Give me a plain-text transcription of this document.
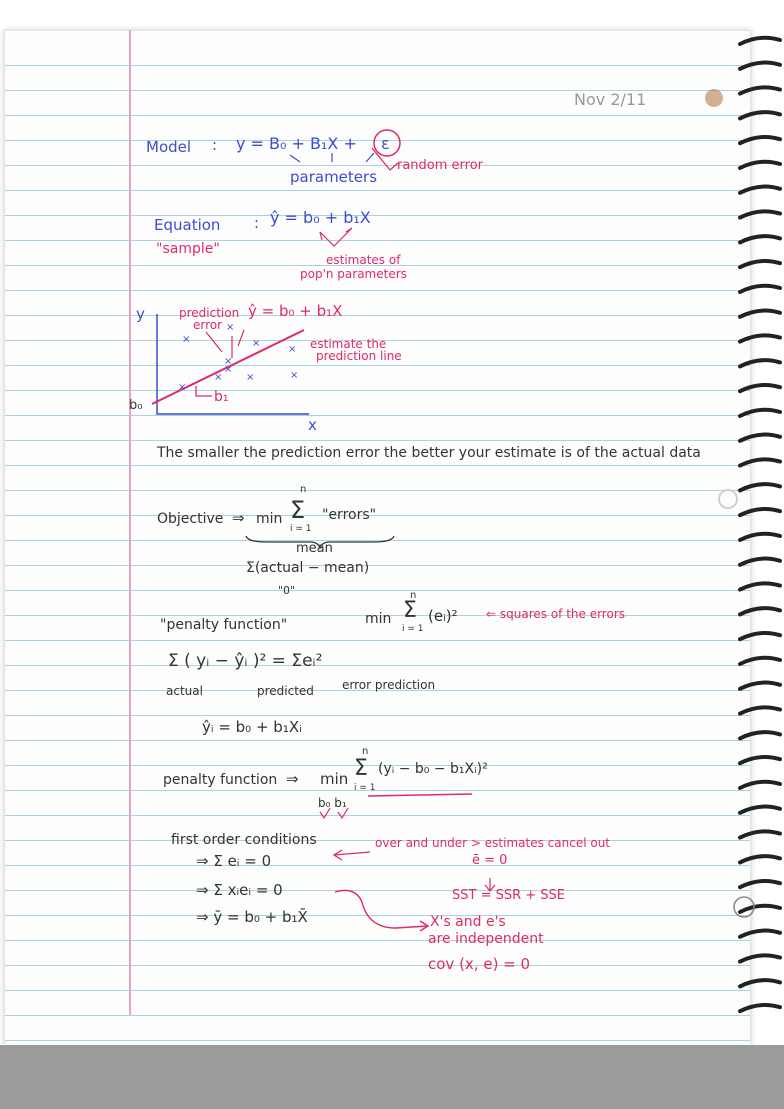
Nov 2/11
Model : y = B₀ + B₁X + ε
parameters
random error
Equation : ŷ = b₀ + b₁X
"sample"
estimates of
pop'n parameters
y
x
b₀
b₁
prediction
error
ŷ = b₀ + b₁X
estimate the
prediction line
The smaller the prediction error the better your estimate is of the actual data
Objective ⇒ min Σ
n
i = 1
"errors"
mean
Σ(actual − mean)
"0"
"penalty function"	min Σ
n
i = 1
(eᵢ)² ⇐ squares of the errors
Σ ( yᵢ − ŷᵢ )² = Σeᵢ²
actual	predicted error prediction
ŷᵢ = b₀ + b₁Xᵢ
penalty function ⇒ min Σ
n
i = 1
(yᵢ − b₀ − b₁Xᵢ)²
b₀ b₁
first order conditions
⇒ Σ eᵢ = 0
⇒ Σ xᵢeᵢ = 0
⇒ ȳ = b₀ + b₁X̄
over and under > estimates cancel out
ē = 0
SST = SSR + SSE
X's and e's
are independent
cov (x, e) = 0
×
×
×
×
×
×
×	×
×
×
